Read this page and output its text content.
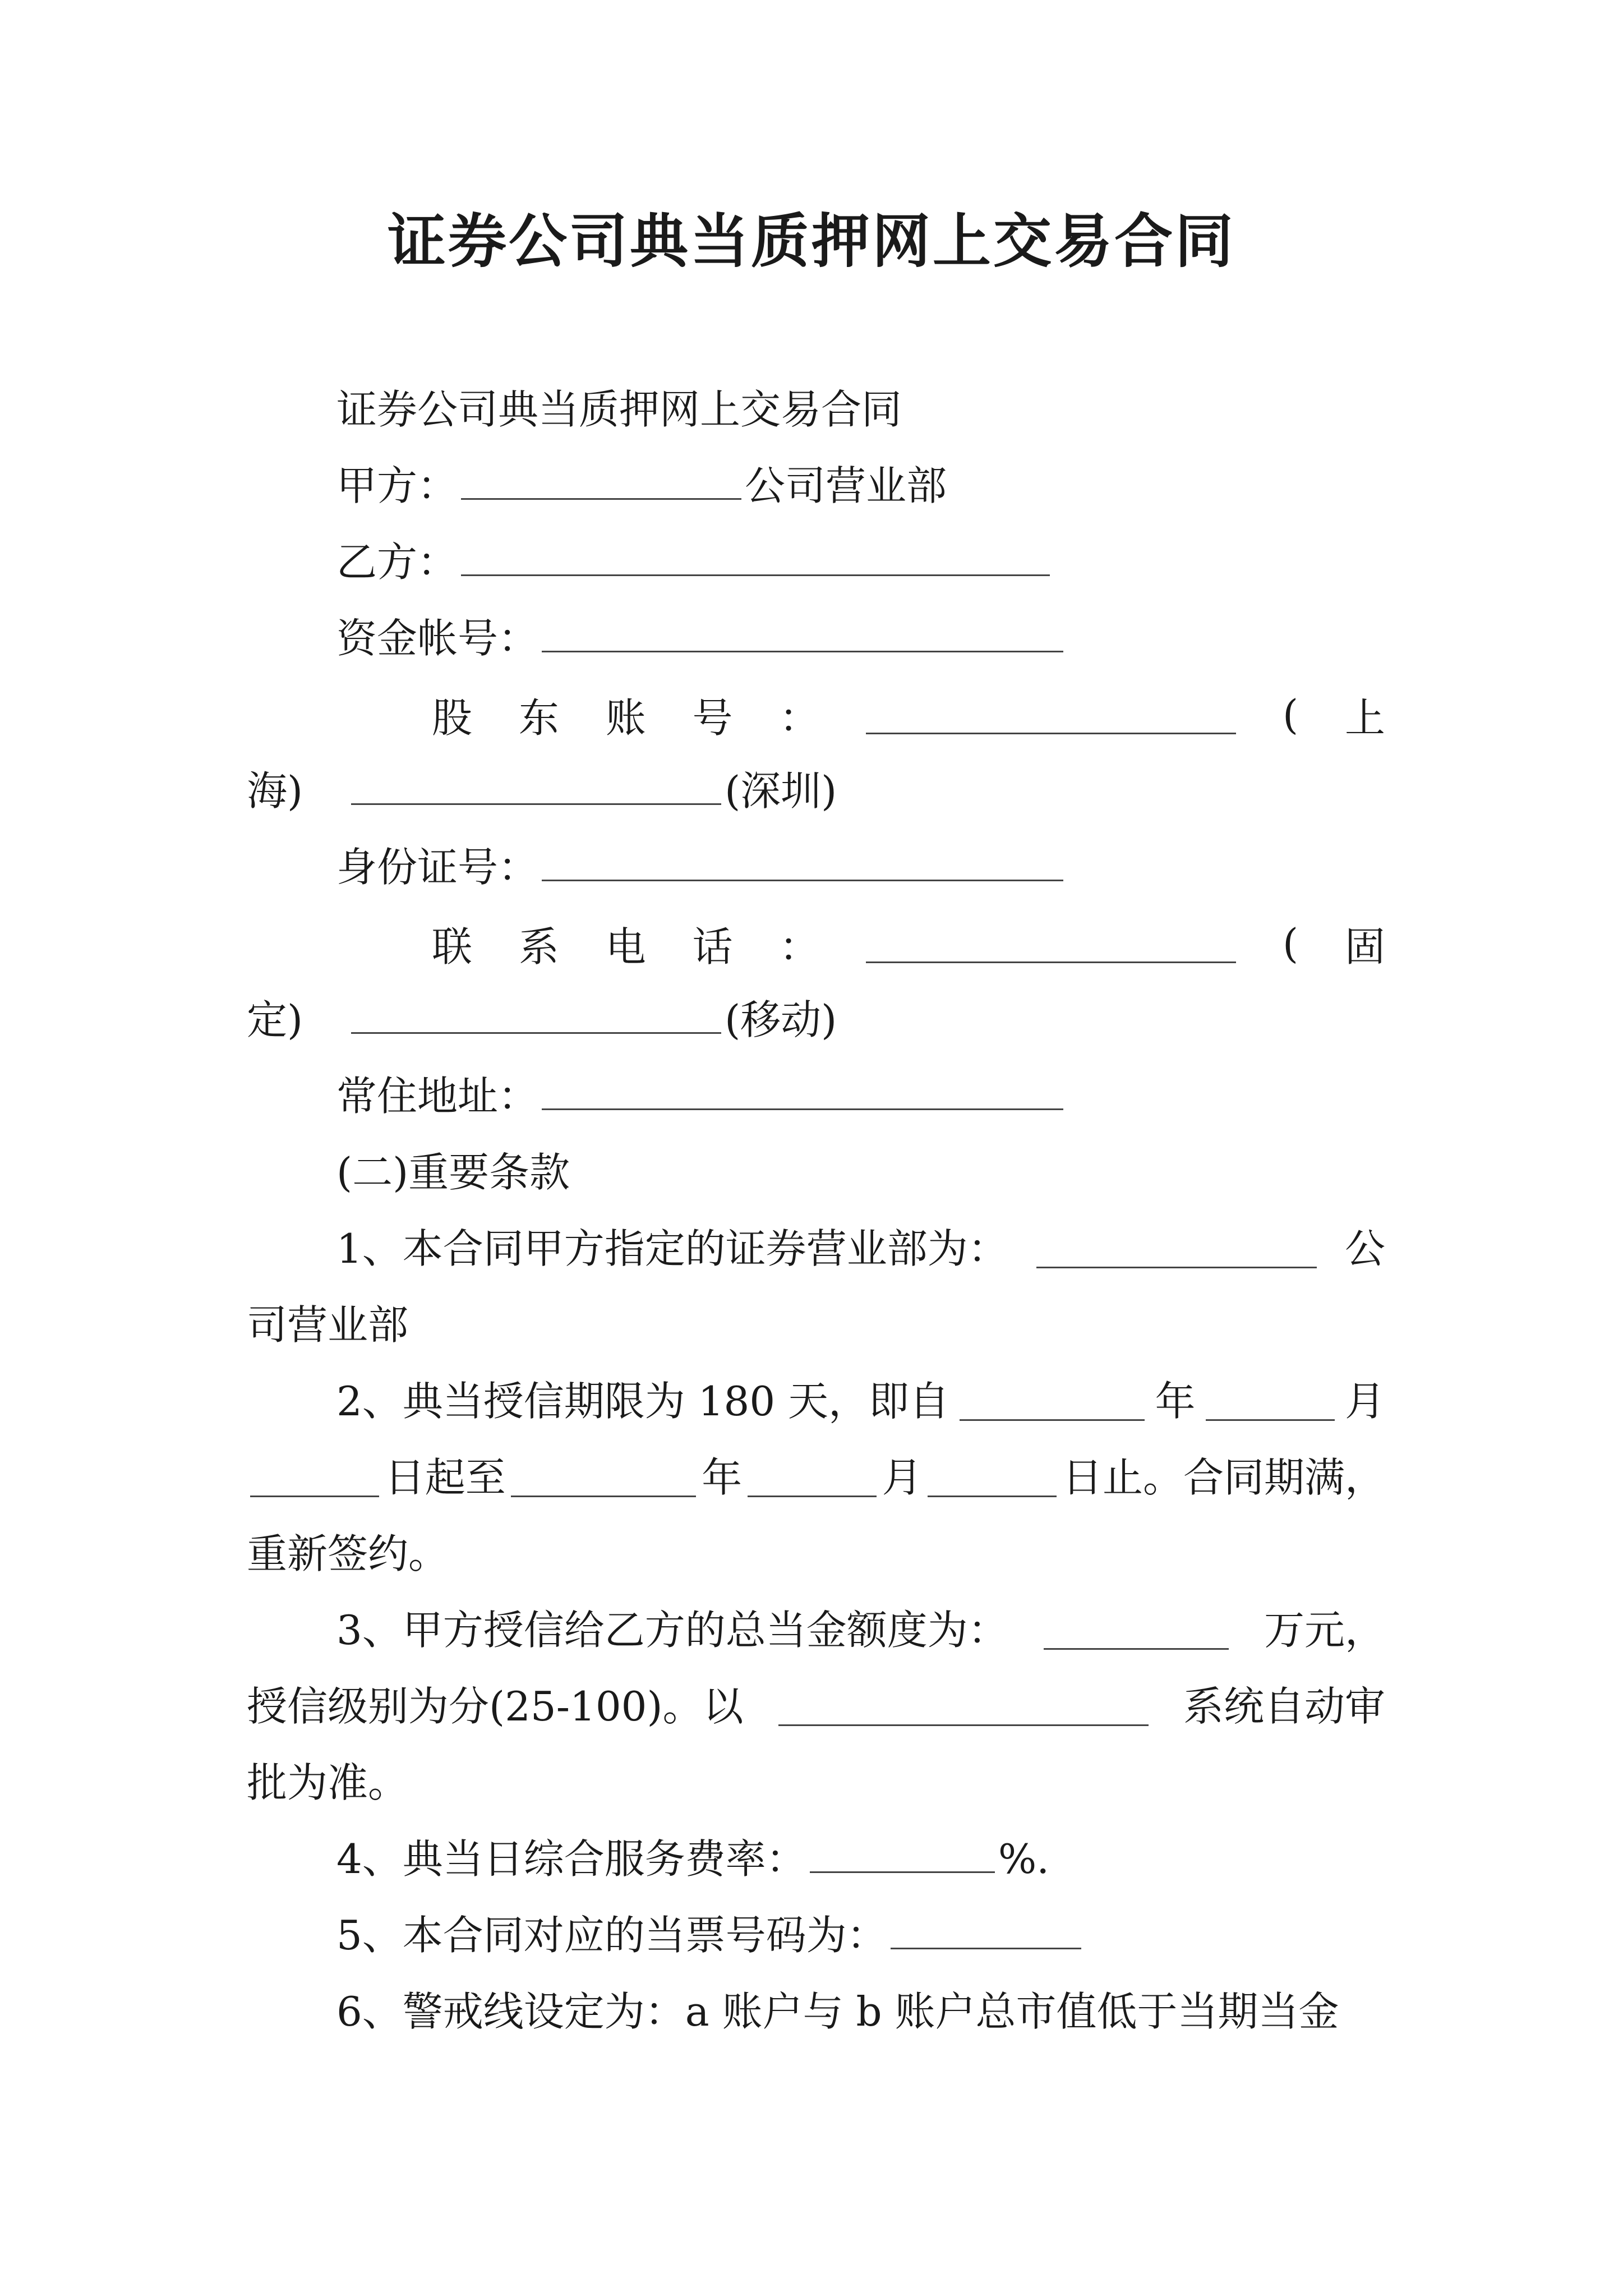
证券公司典当质押网上交易合同
证券公司典当质押网上交易合同
甲方：	公司营业部
乙方：
资金帐号：
股 东 账 号 ：	( 上
海)	(深圳)
身份证号：
联 系 电 话 ：	( 固
定)	(移动)
常住地址：
(二)重要条款
1、本合同甲方指定的证券营业部为：	公
司营业部
2、典当授信期限为 180 天，即自	年	月
日起至	年	月	日止。合同期满，
重新签约。
3、甲方授信给乙方的总当金额度为：	万元，
授信级别为分(25-100)。以	系统自动审
批为准。
4、典当日综合服务费率：	%.
5、本合同对应的当票号码为：
6、警戒线设定为：a 账户与 b 账户总市值低于当期当金
